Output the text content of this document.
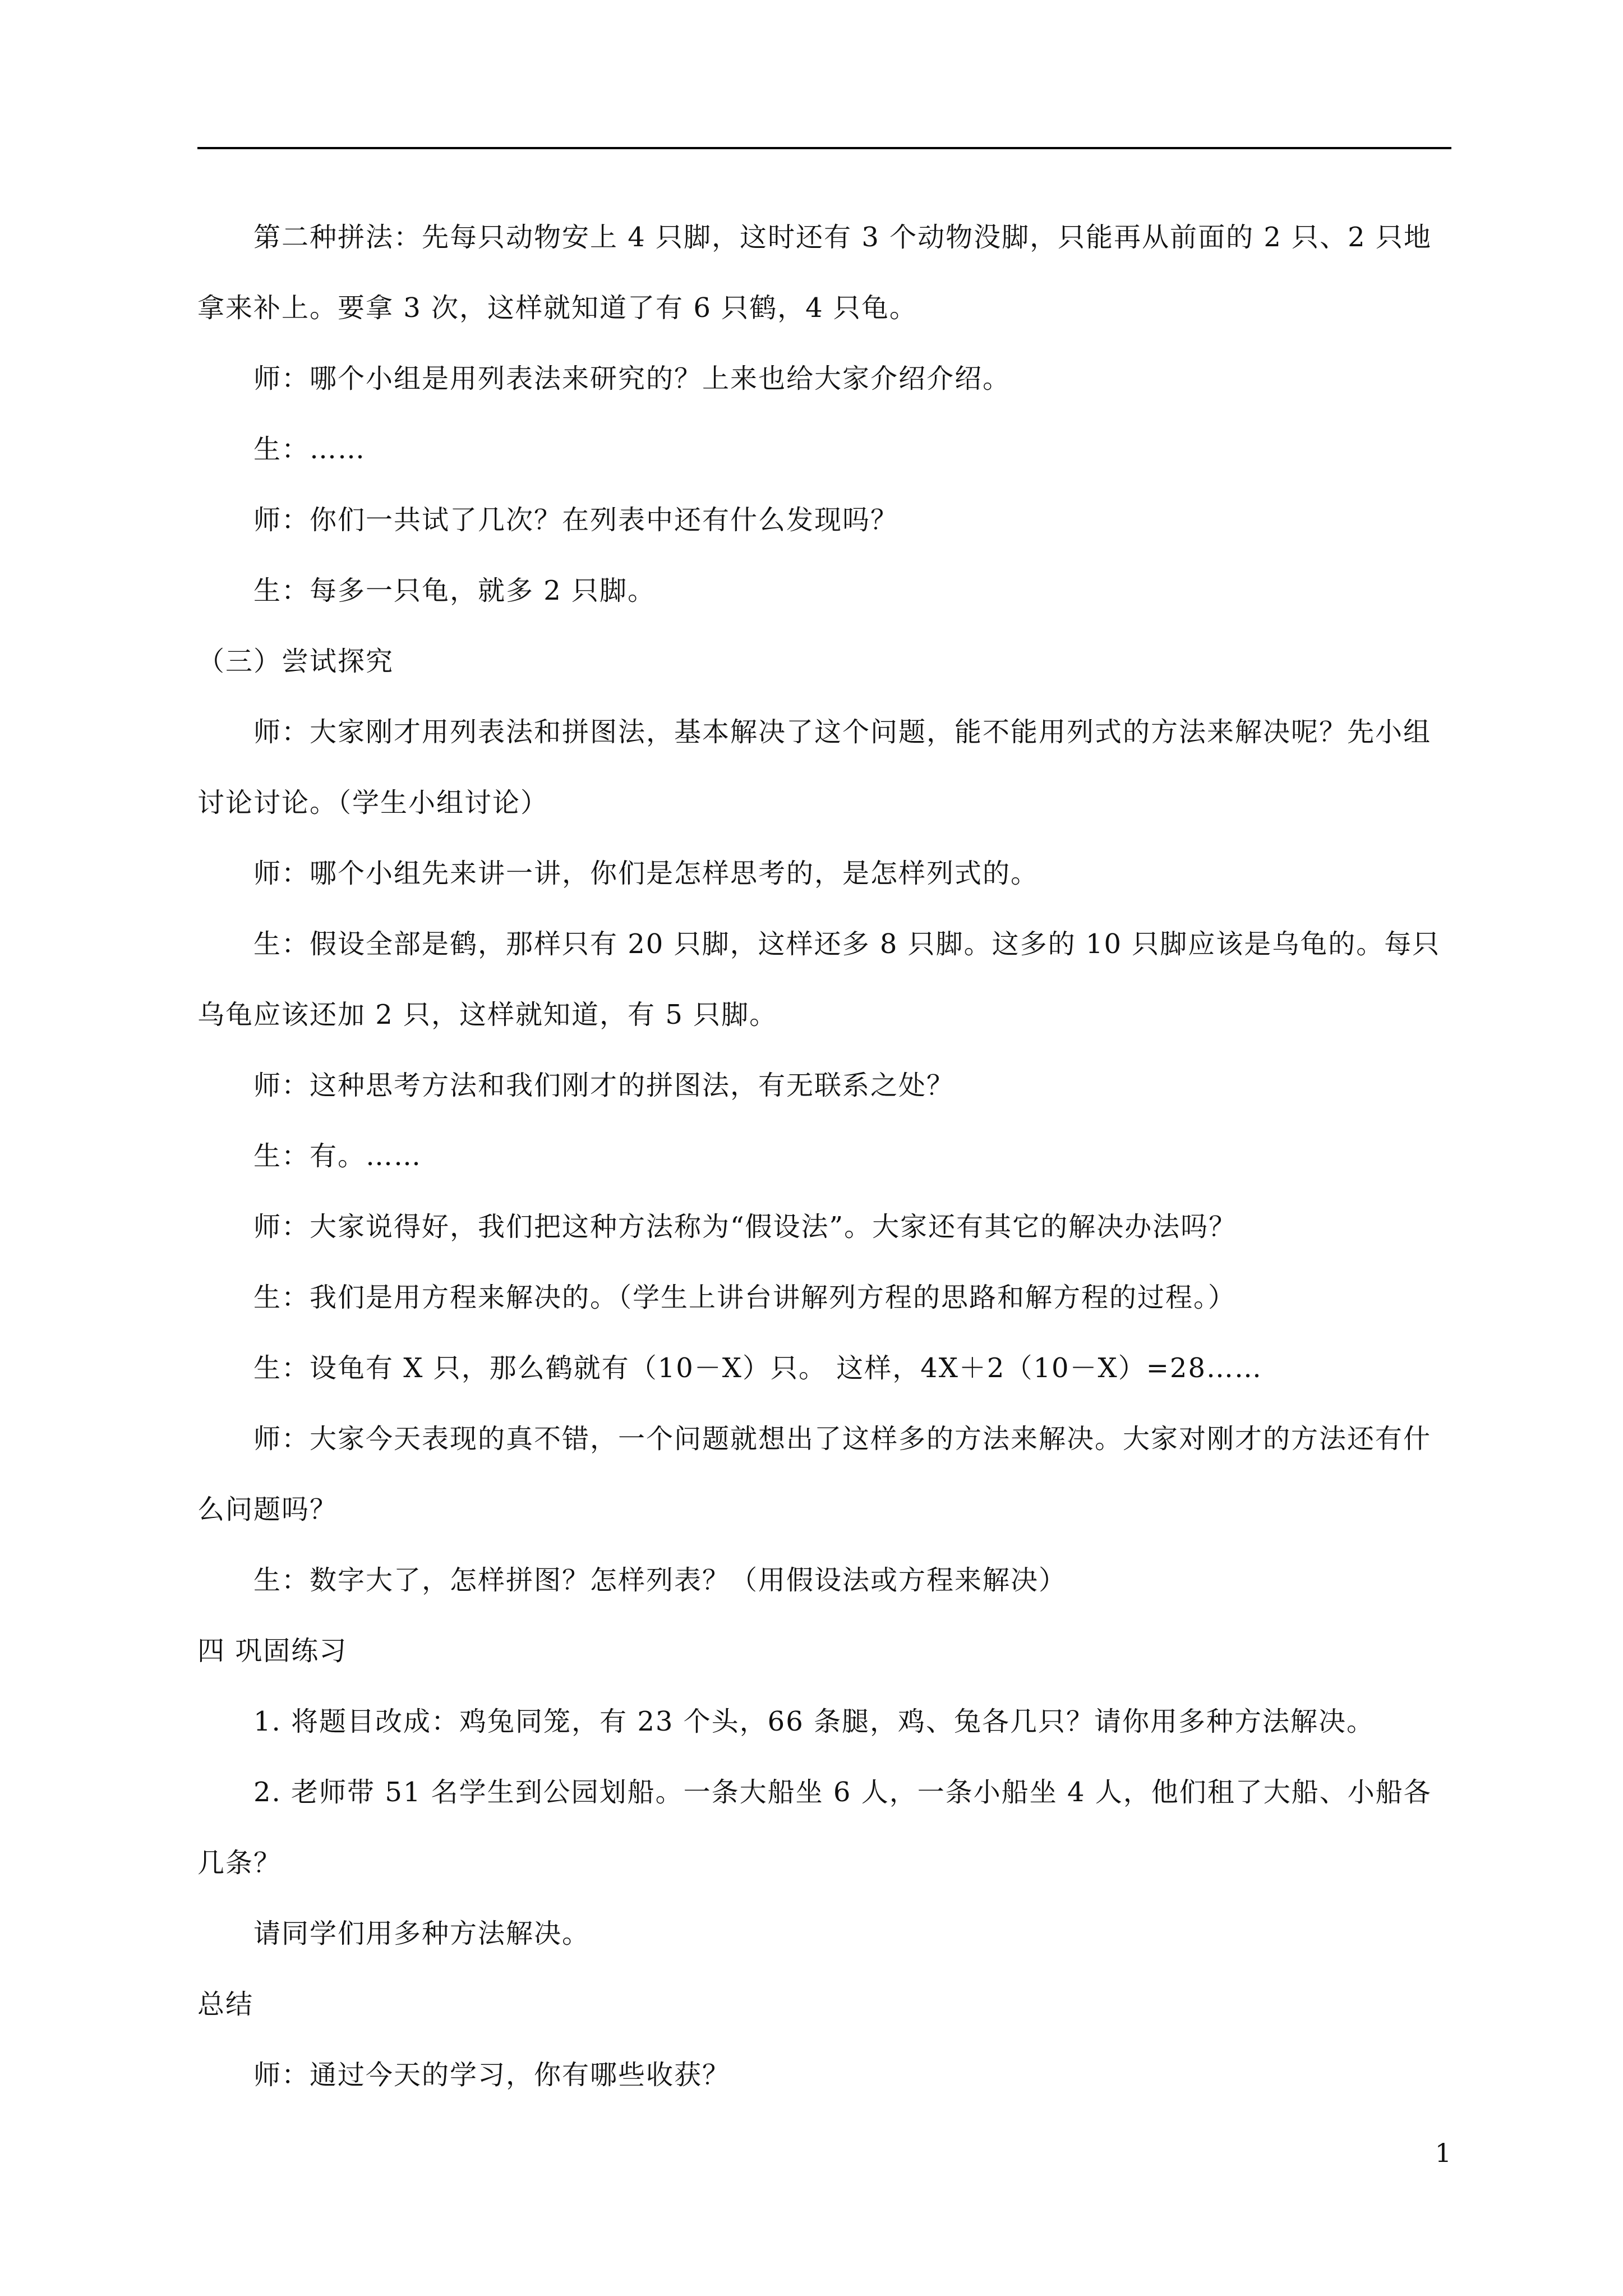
第二种拼法：先每只动物安上 4 只脚，这时还有 3 个动物没脚，只能再从前面的 2 只、2 只地拿来补上。要拿 3 次，这样就知道了有 6 只鹤，4 只龟。

师：哪个小组是用列表法来研究的？上来也给大家介绍介绍。

生：……

师：你们一共试了几次？在列表中还有什么发现吗？

生：每多一只龟，就多 2 只脚。

（三）尝试探究

师：大家刚才用列表法和拼图法，基本解决了这个问题，能不能用列式的方法来解决呢？先小组讨论讨论。（学生小组讨论）

师：哪个小组先来讲一讲，你们是怎样思考的，是怎样列式的。

生：假设全部是鹤，那样只有 20 只脚，这样还多 8 只脚。这多的 10 只脚应该是乌龟的。每只乌龟应该还加 2 只，这样就知道，有 5 只脚。

师：这种思考方法和我们刚才的拼图法，有无联系之处？

生：有。……

师：大家说得好，我们把这种方法称为“假设法”。大家还有其它的解决办法吗？

生：我们是用方程来解决的。（学生上讲台讲解列方程的思路和解方程的过程。）

生：设龟有 X 只，那么鹤就有（10－X）只。 这样，4X＋2（10－X）=28……

师：大家今天表现的真不错，一个问题就想出了这样多的方法来解决。大家对刚才的方法还有什么问题吗？

生：数字大了，怎样拼图？怎样列表？（用假设法或方程来解决）

四 巩固练习

1. 将题目改成：鸡兔同笼，有 23 个头，66 条腿，鸡、兔各几只？请你用多种方法解决。

2. 老师带 51 名学生到公园划船。一条大船坐 6 人，一条小船坐 4 人，他们租了大船、小船各几条？

请同学们用多种方法解决。

总结

师：通过今天的学习，你有哪些收获？

1
